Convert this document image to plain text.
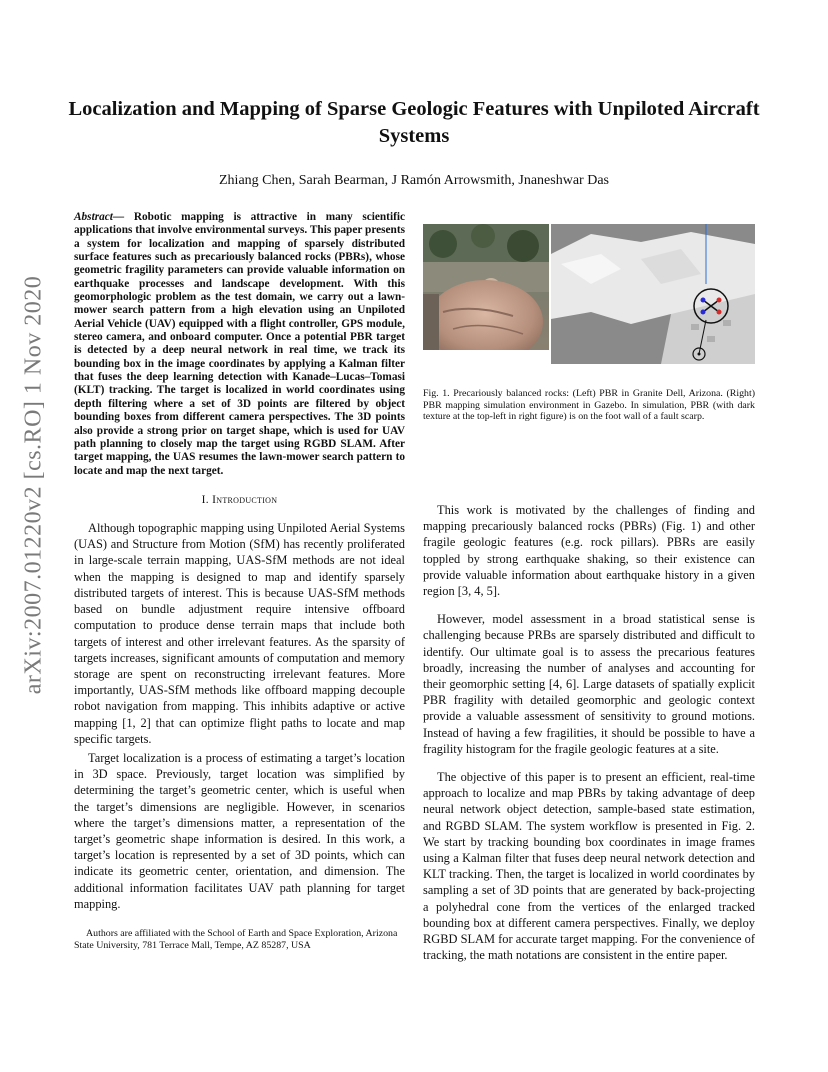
arXiv:2007.01220v2 [cs.RO] 1 Nov 2020
Localization and Mapping of Sparse Geologic Features with Unpiloted Aircraft Systems
Zhiang Chen, Sarah Bearman, J Ramón Arrowsmith, Jnaneshwar Das
Abstract— Robotic mapping is attractive in many scientific applications that involve environmental surveys. This paper presents a system for localization and mapping of sparsely distributed surface features such as precariously balanced rocks (PBRs), whose geometric fragility parameters can provide valuable information on earthquake processes and landscape development. With this geomorphologic problem as the test domain, we carry out a lawn-mower search pattern from a high elevation using an Unpiloted Aerial Vehicle (UAV) equipped with a flight controller, GPS module, stereo camera, and onboard computer. Once a potential PBR target is detected by a deep neural network in real time, we track its bounding box in the image coordinates by applying a Kalman filter that fuses the deep learning detection with Kanade–Lucas–Tomasi (KLT) tracking. The target is localized in world coordinates using depth filtering where a set of 3D points are filtered by object bounding boxes from different camera perspectives. The 3D points also provide a strong prior on target shape, which is used for UAV path planning to closely map the target using RGBD SLAM. After target mapping, the UAS resumes the lawn-mower search pattern to locate and map the next target.
I. Introduction

Although topographic mapping using Unpiloted Aerial Systems (UAS) and Structure from Motion (SfM) has recently proliferated in large-scale terrain mapping, UAS-SfM methods are not ideal when the mapping is designed to map and identify sparsely distributed targets of interest. This is because UAS-SfM methods based on bundle adjustment require intensive offboard computation to produce dense terrain maps that include both targets of interest and other irrelevant features. As the sparsity of targets increases, significant amounts of computation and memory storage are spent on reconstructing irrelevant features. More importantly, UAS-SfM methods like offboard mapping decouple robot navigation from mapping. This inhibits adaptive or active mapping [1, 2] that can optimize flight paths to locate and map specific targets.

Target localization is a process of estimating a target’s location in 3D space. Previously, target location was simplified by determining the target’s geometric center, which is useful when the target’s dimensions are negligible. However, in scenarios where the target’s dimensions matter, a representation of the target’s geometric shape information is desired. In this work, a target’s location is represented by a set of 3D points, which can indicate its geometric center, orientation, and dimension. The additional information facilitates UAV path planning for target mapping.

Authors are affiliated with the School of Earth and Space Exploration, Arizona State University, 781 Terrace Mall, Tempe, AZ 85287, USA

Fig. 1. Precariously balanced rocks: (Left) PBR in Granite Dell, Arizona. (Right) PBR mapping simulation environment in Gazebo. In simulation, PBR (with dark texture at the top-left in right figure) is on the foot wall of a fault scarp.

This work is motivated by the challenges of finding and mapping precariously balanced rocks (PBRs) (Fig. 1) and other fragile geologic features (e.g. rock pillars). PBRs are easily toppled by strong earthquake shaking, so their existence can provide valuable information about earthquake history in a given region [3, 4, 5].

However, model assessment in a broad statistical sense is challenging because PRBs are sparsely distributed and difficult to identify. Our ultimate goal is to assess the precarious features broadly, increasing the number of analyses and accounting for their geomorphic setting [4, 6]. Large datasets of spatially explicit PBR fragility with detailed geomorphic and geologic context provide a valuable assessment of sensitivity to ground motions. Instead of having a few fragilities, it should be possible to have a fragility histogram for the fragile geologic features at a site.

The objective of this paper is to present an efficient, real-time approach to localize and map PBRs by taking advantage of deep neural network object detection, sample-based state estimation, and RGBD SLAM. The system workflow is presented in Fig. 2. We start by tracking bounding box coordinates in image frames using a Kalman filter that fuses deep neural network detection and KLT tracking. Then, the target is localized in world coordinates by sampling a set of 3D points that are generated by back-projecting a polyhedral cone from the vertices of the enlarged tracked bounding box at different camera perspectives. Finally, we deploy RGBD SLAM for accurate target mapping. For the convenience of tracking, the math notations are consistent in the entire paper.
